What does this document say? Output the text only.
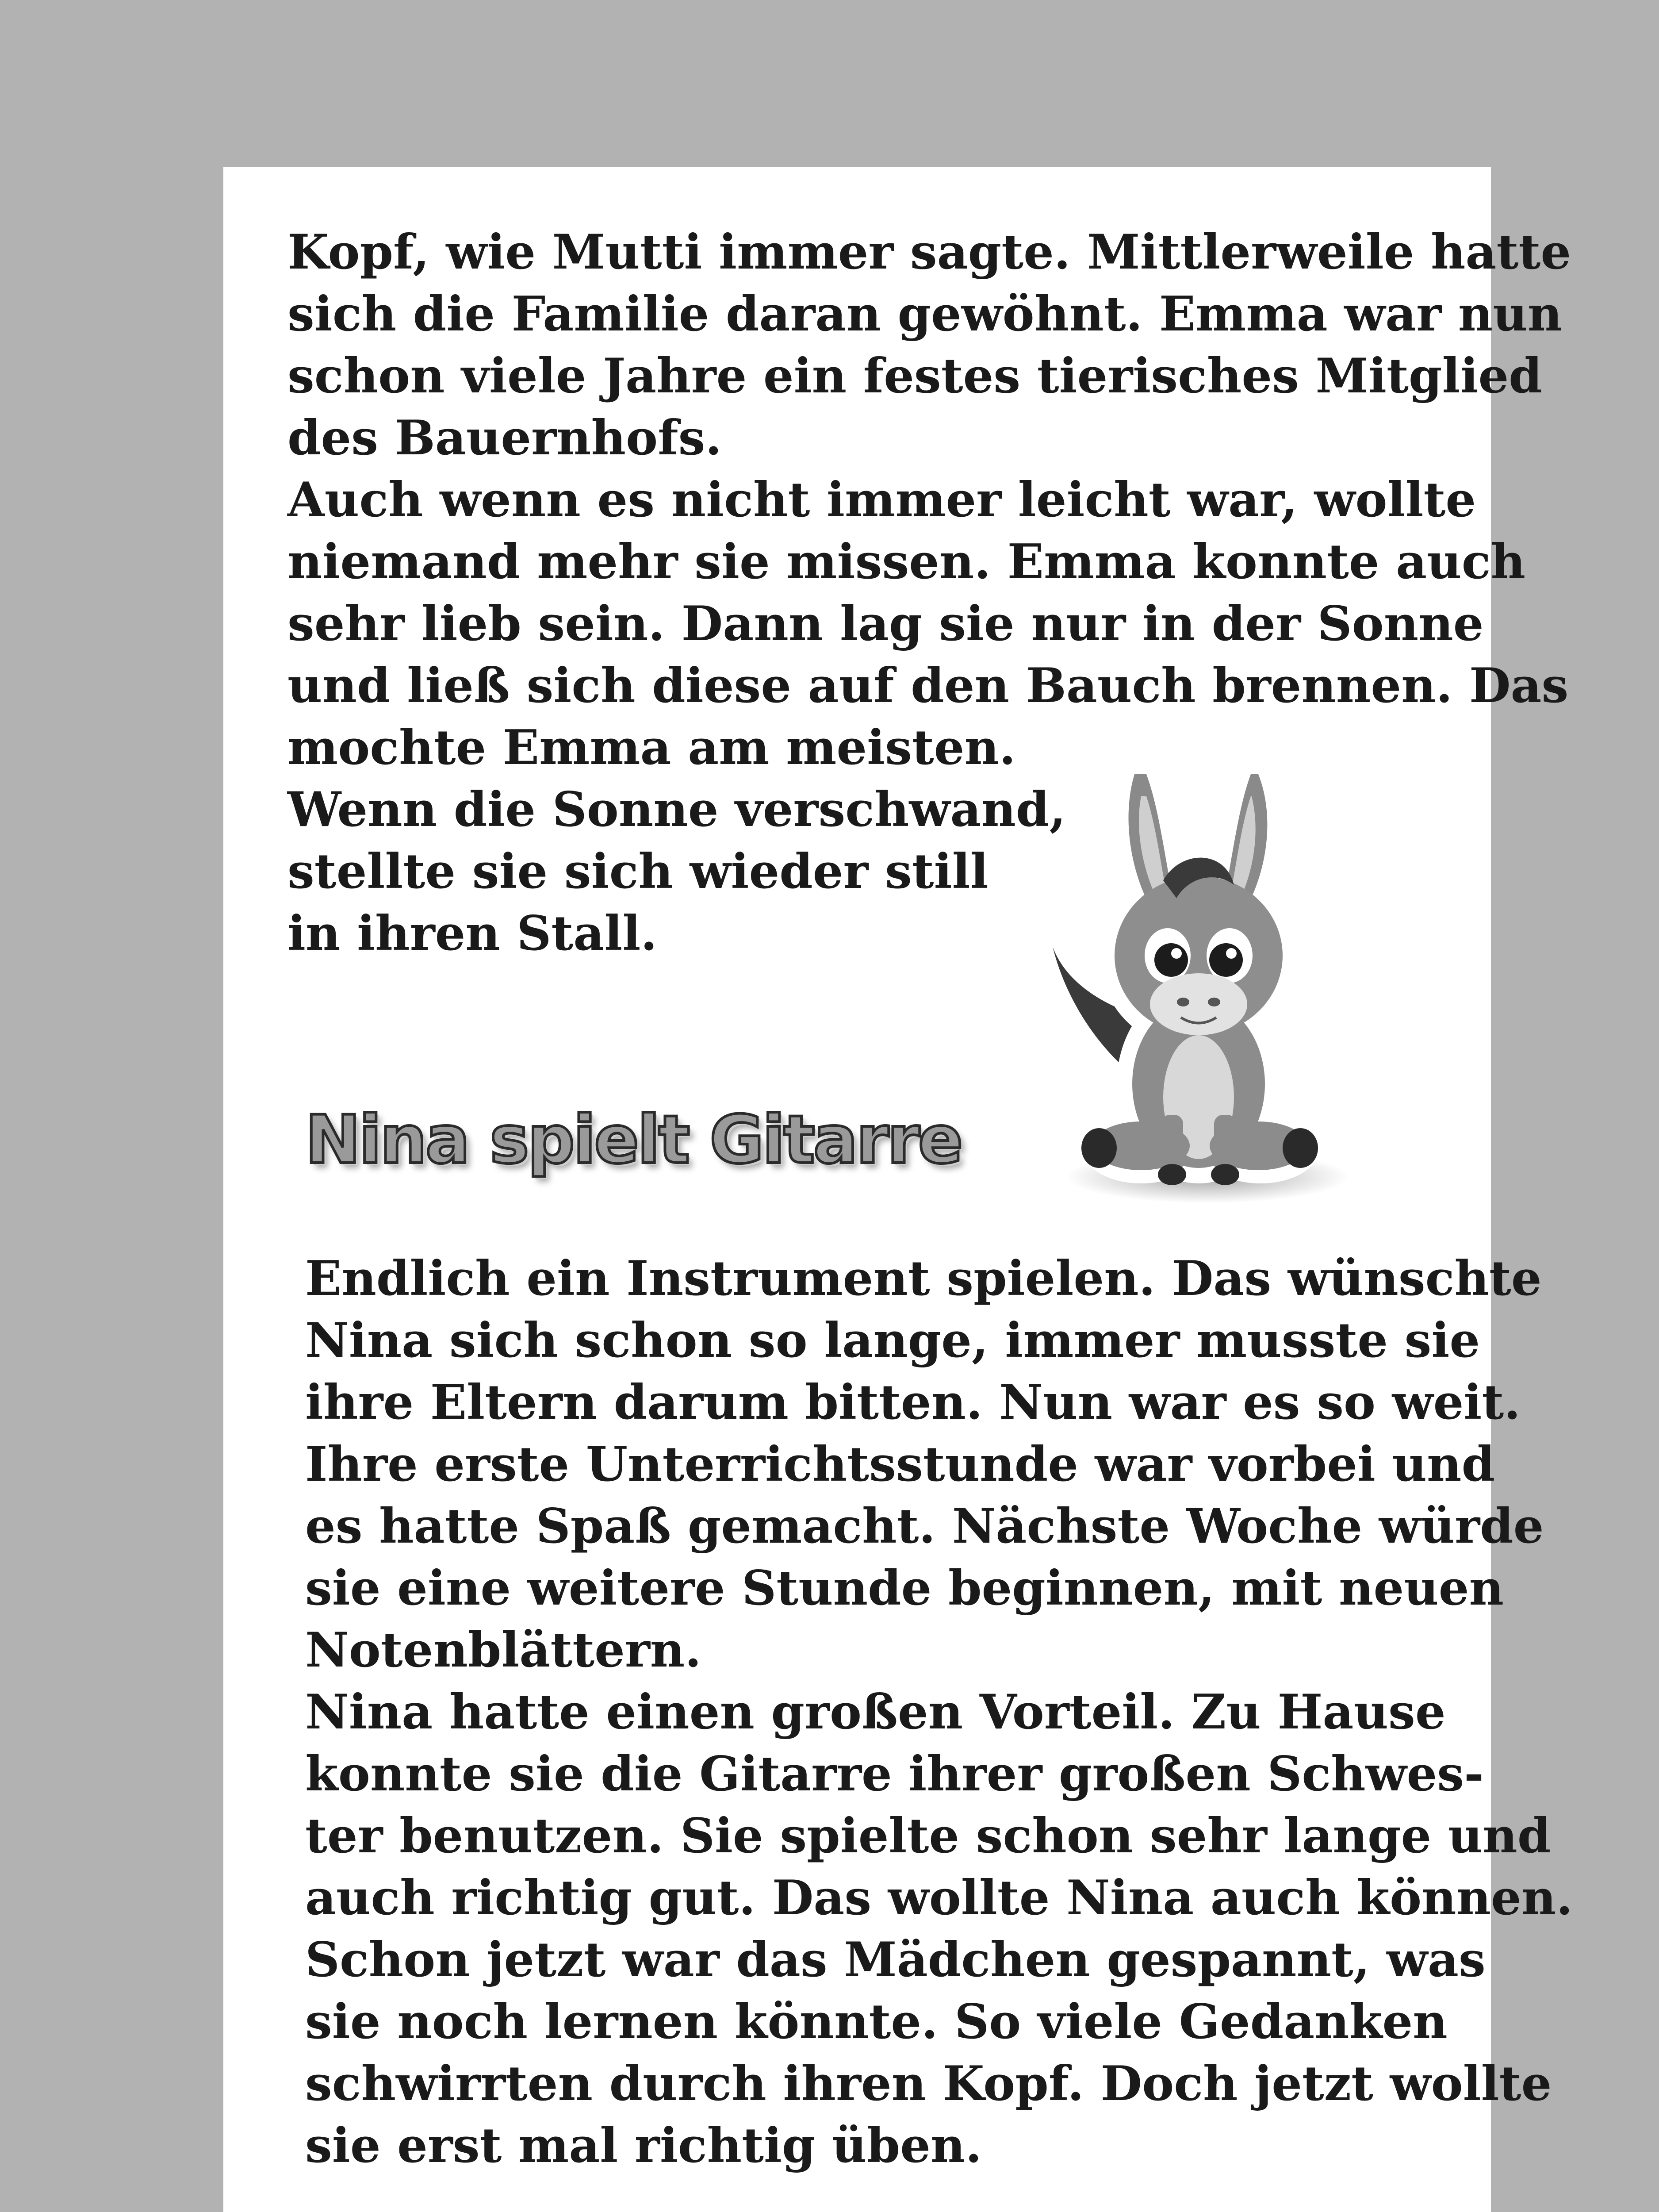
Kopf, wie Mutti immer sagte. Mittlerweile hatte
sich die Familie daran gewöhnt. Emma war nun
schon viele Jahre ein festes tierisches Mitglied
des Bauernhofs.
Auch wenn es nicht immer leicht war, wollte
niemand mehr sie missen. Emma konnte auch
sehr lieb sein. Dann lag sie nur in der Sonne
und ließ sich diese auf den Bauch brennen. Das
mochte Emma am meisten.
Wenn die Sonne verschwand,
stellte sie sich wieder still
in ihren Stall.
Nina spielt Gitarre
Endlich ein Instrument spielen. Das wünschte
Nina sich schon so lange, immer musste sie
ihre Eltern darum bitten. Nun war es so weit.
Ihre erste Unterrichtsstunde war vorbei und
es hatte Spaß gemacht. Nächste Woche würde
sie eine weitere Stunde beginnen, mit neuen
Notenblättern.
Nina hatte einen großen Vorteil. Zu Hause
konnte sie die Gitarre ihrer großen Schwes-
ter benutzen. Sie spielte schon sehr lange und
auch richtig gut. Das wollte Nina auch können.
Schon jetzt war das Mädchen gespannt, was
sie noch lernen könnte. So viele Gedanken
schwirrten durch ihren Kopf. Doch jetzt wollte
sie erst mal richtig üben.
